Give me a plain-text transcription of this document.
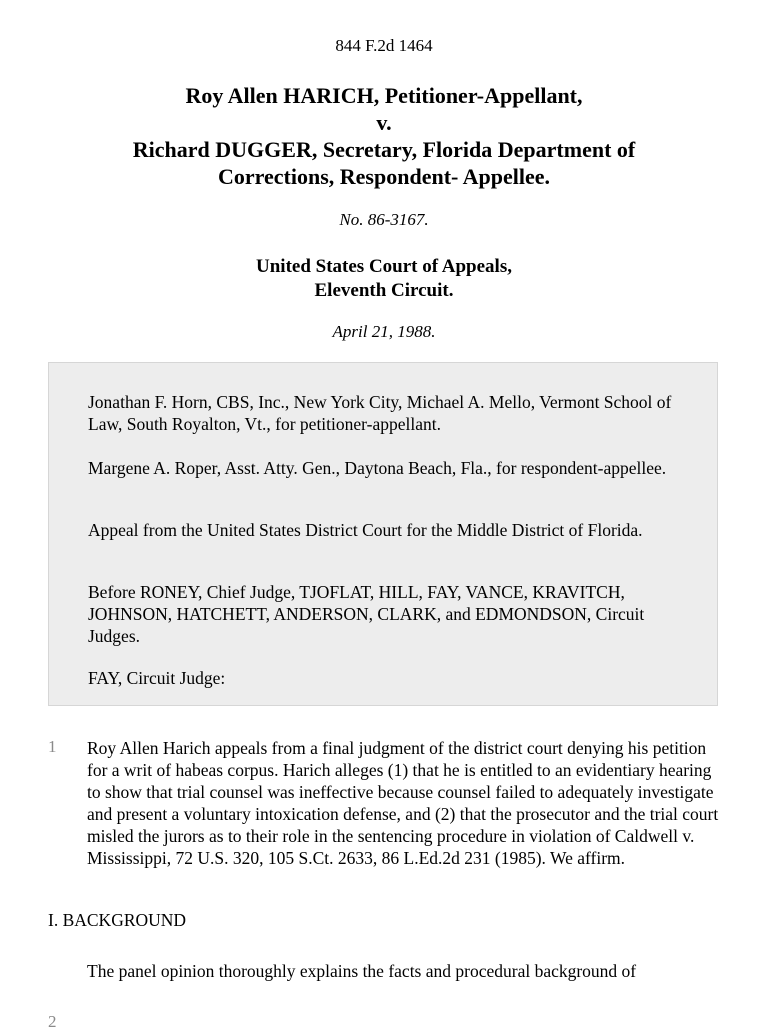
844 F.2d 1464
Roy Allen HARICH, Petitioner-Appellant,
v.
Richard DUGGER, Secretary, Florida Department of
Corrections, Respondent- Appellee.
No. 86-3167.
United States Court of Appeals,
Eleventh Circuit.
April 21, 1988.

Jonathan F. Horn, CBS, Inc., New York City, Michael A. Mello, Vermont School of Law, South Royalton, Vt., for petitioner-appellant.

Margene A. Roper, Asst. Atty. Gen., Daytona Beach, Fla., for respondent-appellee.

Appeal from the United States District Court for the Middle District of Florida.

Before RONEY, Chief Judge, TJOFLAT, HILL, FAY, VANCE, KRAVITCH, JOHNSON, HATCHETT, ANDERSON, CLARK, and EDMONDSON, Circuit Judges.

FAY, Circuit Judge:

1 Roy Allen Harich appeals from a final judgment of the district court denying his petition for a writ of habeas corpus. Harich alleges (1) that he is entitled to an evidentiary hearing to show that trial counsel was ineffective because counsel failed to adequately investigate and present a voluntary intoxication defense, and (2) that the prosecutor and the trial court misled the jurors as to their role in the sentencing procedure in violation of Caldwell v. Mississippi, 72 U.S. 320, 105 S.Ct. 2633, 86 L.Ed.2d 231 (1985). We affirm.

I. BACKGROUND

The panel opinion thoroughly explains the facts and procedural background of

2
